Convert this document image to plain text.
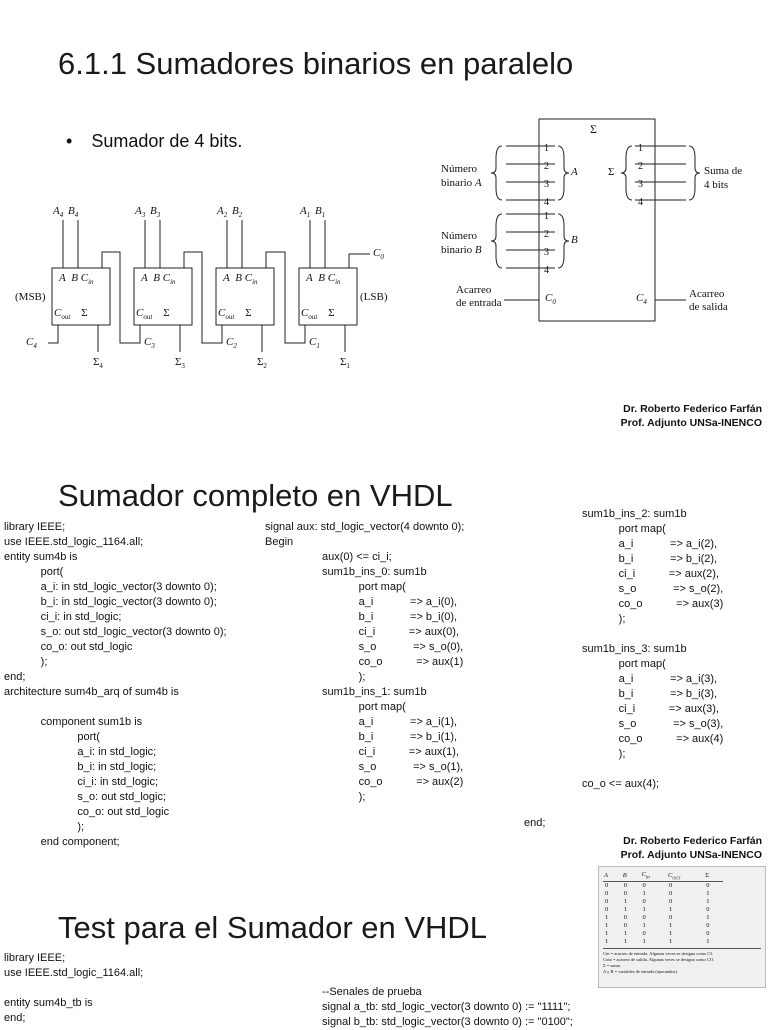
6.1.1 Sumadores binarios en paralelo
• Sumador de 4 bits.
$A_4$ $B_4$	$A_3$ $B_3$	$A_2$ $B_2$	$A_1$ $B_1$
A B $C_{in}$	A B $C_{in}$	A B $C_{in}$	A B $C_{in}$
$C_{out}$ Σ	$C_{out}$ Σ	$C_{out}$ Σ	$C_{out}$ Σ
(MSB)	(LSB)
$C_0$
$C_4$	$C_3$	$C_2$	$C_1$
$\Sigma_4$	$\Sigma_3$	$\Sigma_2$	$\Sigma_1$
Σ
Número
binario A
Número
binario B
1
2
3
4
1
2
3
4
1
2
3
4
A
B
Σ	Suma de
4 bits
Acarreo
de entrada
Acarreo
de salida
$C_0$	$C_4$
Dr. Roberto Federico Farfán
Prof. Adjunto UNSa-INENCO
Sumador completo en VHDL
library IEEE;
use IEEE.std_logic_1164.all;
entity sum4b is
port(
a_i: in std_logic_vector(3 downto 0);
b_i: in std_logic_vector(3 downto 0);
ci_i: in std_logic;
s_o: out std_logic_vector(3 downto 0);
co_o: out std_logic
);
end;
architecture sum4b_arq of sum4b is
component sum1b is
port(
a_i: in std_logic;
b_i: in std_logic;
ci_i: in std_logic;
s_o: out std_logic;
co_o: out std_logic
);
end component;
signal aux: std_logic_vector(4 downto 0);
Begin
aux(0) <= ci_i;
sum1b_ins_0: sum1b
port map(
a_i            => a_i(0),
b_i            => b_i(0),
ci_i           => aux(0),
s_o            => s_o(0),
co_o           => aux(1)
);
sum1b_ins_1: sum1b
port map(
a_i            => a_i(1),
b_i            => b_i(1),
ci_i           => aux(1),
s_o            => s_o(1),
co_o           => aux(2)
);
end;
sum1b_ins_2: sum1b
port map(
a_i            => a_i(2),
b_i            => b_i(2),
ci_i           => aux(2),
s_o            => s_o(2),
co_o           => aux(3)
);
sum1b_ins_3: sum1b
port map(
a_i            => a_i(3),
b_i            => b_i(3),
ci_i           => aux(3),
s_o            => s_o(3),
co_o           => aux(4)
);
co_o <= aux(4);
Dr. Roberto Federico Farfán
Prof. Adjunto UNSa-INENCO
A	B	$C_{in}$	$C_{OUT}$	Σ
0	0	0	0	0
0	0	1	0	1
0	1	0	0	1
0	1	1	1	0
1	0	0	0	1
1	0	1	1	0
1	1	0	1	0
1	1	1	1	1
Cin = acarreo de entrada. Algunas veces se designa como CI.
Cout = acarreo de salida. Algunas veces se designa como CO.
Σ = suma
A y B = variables de entrada (operandos)
Test para el Sumador en VHDL
library IEEE;
use IEEE.std_logic_1164.all;
entity sum4b_tb is
end;
--Senales de prueba
signal a_tb: std_logic_vector(3 downto 0) := "1111";
signal b_tb: std_logic_vector(3 downto 0) := "0100";
